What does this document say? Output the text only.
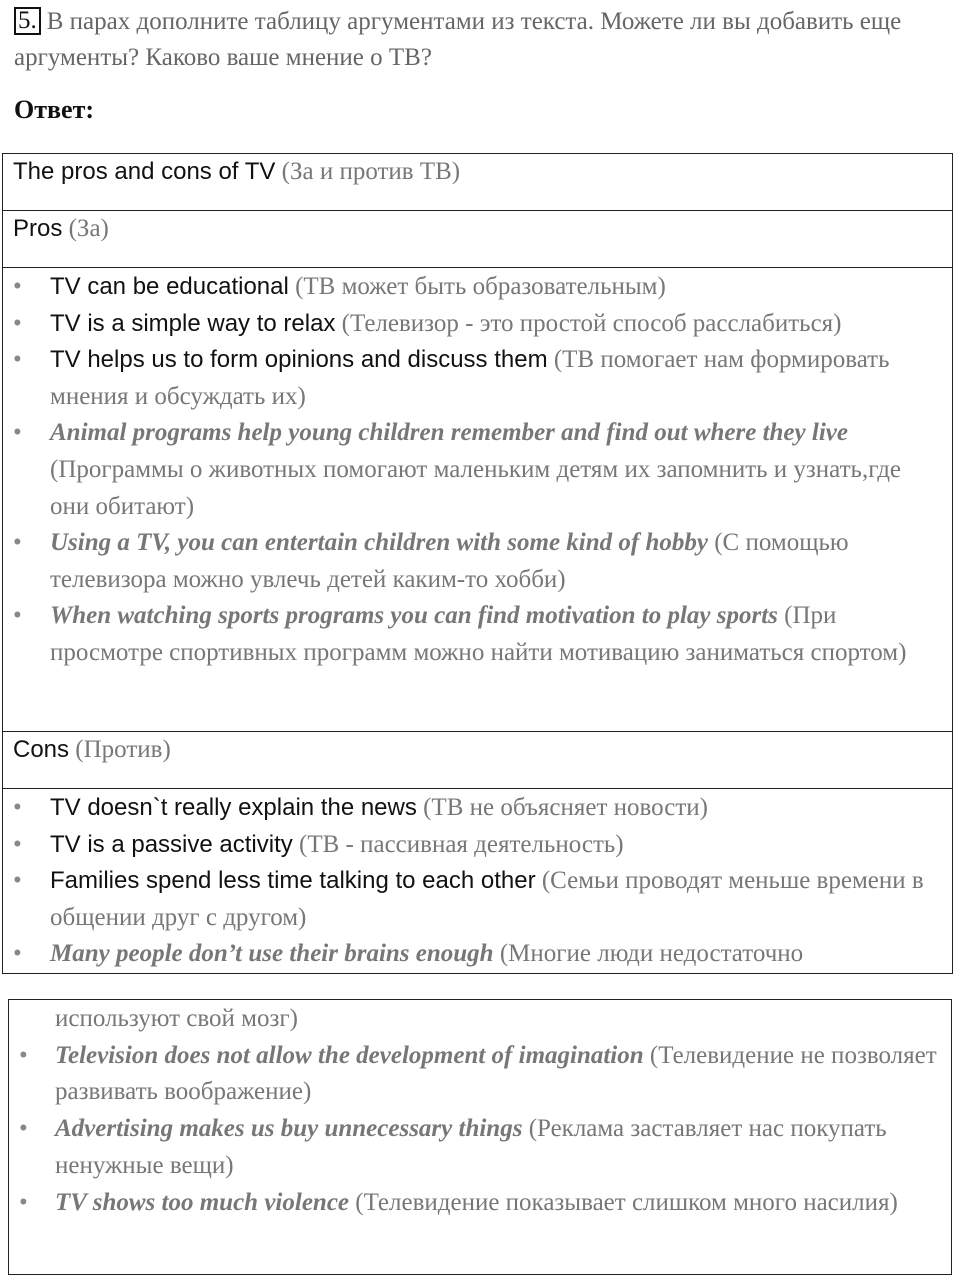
5. В парах дополните таблицу аргументами из текста. Можете ли вы добавить еще аргументы? Каково ваше мнение о ТВ?
Ответ:
The pros and cons of TV (За и против ТВ)
Pros (За)

• TV can be educational (ТВ может быть образовательным)
• TV is a simple way to relax (Телевизор - это простой способ расслабиться)
• TV helps us to form opinions and discuss them (ТВ помогает нам формировать мнения и обсуждать их)
• Animal programs help young children remember and find out where they live (Программы о животных помогают маленьким детям их запомнить и узнать,где они обитают)
• Using a TV, you can entertain children with some kind of hobby (С помощью телевизора можно увлечь детей каким-то хобби)
• When watching sports programs you can find motivation to play sports (При просмотре спортивных программ можно найти мотивацию заниматься спортом)

Cons (Против)

• TV doesn`t really explain the news (ТВ не объясняет новости)
• TV is a passive activity (ТВ - пассивная деятельность)
• Families spend less time talking to each other (Семьи проводят меньше времени в общении друг с другом)
• Many people don’t use their brains enough (Многие люди недостаточно
используют свой мозг)
• Television does not allow the development of imagination (Телевидение не позволяет развивать воображение)
• Advertising makes us buy unnecessary things (Реклама заставляет нас покупать ненужные вещи)
• TV shows too much violence (Телевидение показывает слишком много насилия)
